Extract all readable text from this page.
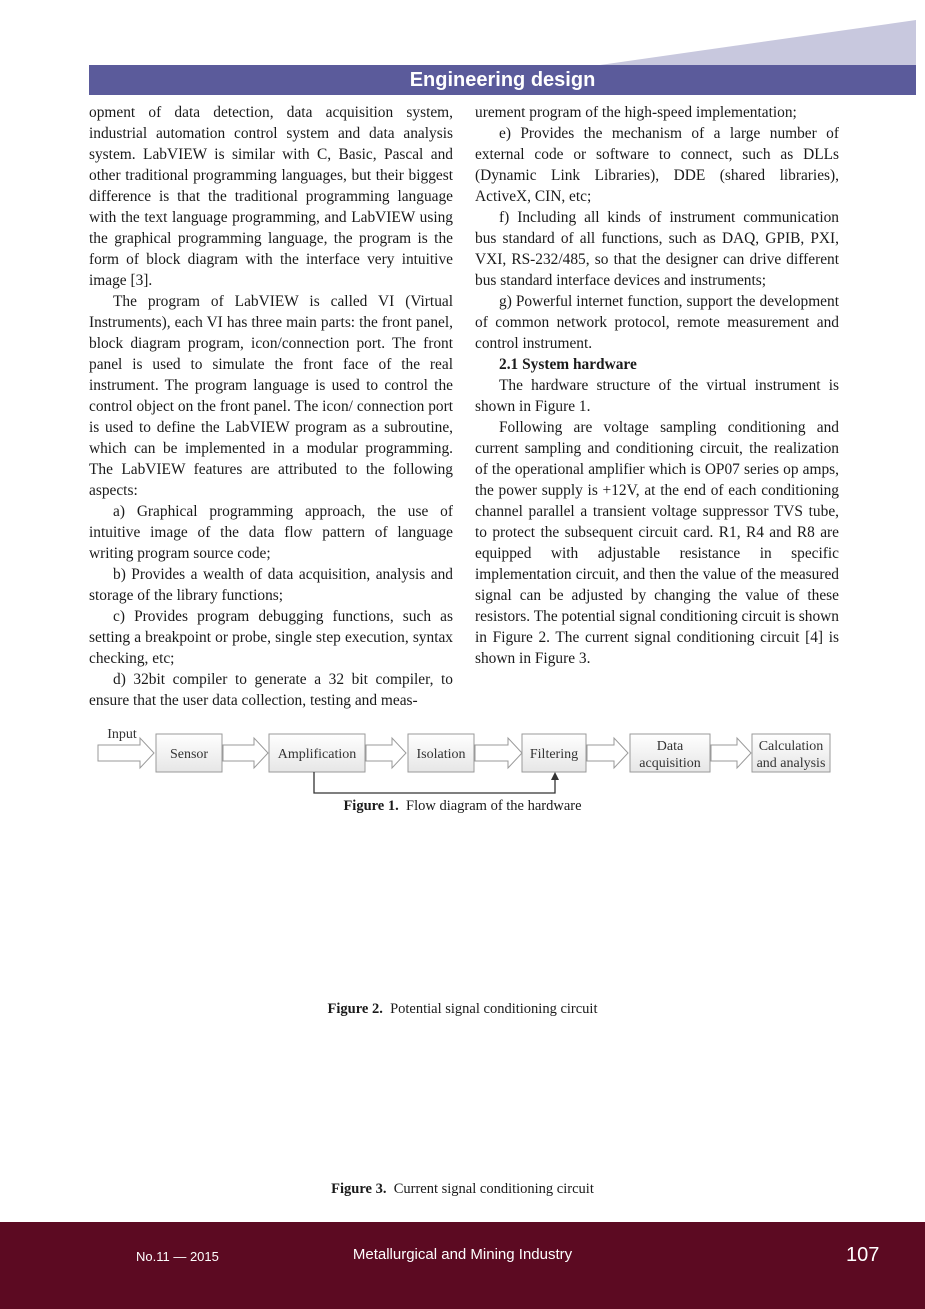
Engineering design

opment of data detection, data acquisition system, industrial automation control system and data analysis system. LabVIEW is similar with C, Basic, Pascal and other traditional programming languages, but their biggest difference is that the traditional programming language with the text language programming, and LabVIEW using the graphical programming language, the program is the form of block diagram with the interface very intuitive image [3].

The program of LabVIEW is called VI (Virtual Instruments), each VI has three main parts: the front panel, block diagram program, icon/connection port. The front panel is used to simulate the front face of the real instrument. The program language is used to control the control object on the front panel. The icon/ connection port is used to define the LabVIEW program as a subroutine, which can be implemented in a modular programming. The LabVIEW features are attributed to the following aspects:

a) Graphical programming approach, the use of intuitive image of the data flow pattern of language writing program source code;

b) Provides a wealth of data acquisition, analysis and storage of the library functions;

c) Provides program debugging functions, such as setting a breakpoint or probe, single step execution, syntax checking, etc;

d) 32bit compiler to generate a 32 bit compiler, to ensure that the user data collection, testing and meas-

urement program of the high-speed implementation;

e) Provides the mechanism of a large number of external code or software to connect, such as DLLs (Dynamic Link Libraries), DDE (shared libraries), ActiveX, CIN, etc;

f) Including all kinds of instrument communication bus standard of all functions, such as DAQ, GPIB, PXI, VXI, RS-232/485, so that the designer can drive different bus standard interface devices and instruments;

g) Powerful internet function, support the development of common network protocol, remote measurement and control instrument.

2.1 System hardware

The hardware structure of the virtual instrument is shown in Figure 1.

Following are voltage sampling conditioning and current sampling and conditioning circuit, the realization of the operational amplifier which is OP07 series op amps, the power supply is +12V, at the end of each conditioning channel parallel a transient voltage suppressor TVS tube, to protect the subsequent circuit card. R1, R4 and R8 are equipped with adjustable resistance in specific implementation circuit, and then the value of the measured signal can be adjusted by changing the value of these resistors. The potential signal conditioning circuit is shown in Figure 2. The current signal conditioning circuit [4] is shown in Figure 3.

Input
Sensor	Amplification	Isolation	Filtering
Data acquisition
Calculation and analysis
Figure 1. Flow diagram of the hardware
Figure 2. Potential signal conditioning circuit
Figure 3. Current signal conditioning circuit
No.11 — 2015	Metallurgical and Mining Industry	107
